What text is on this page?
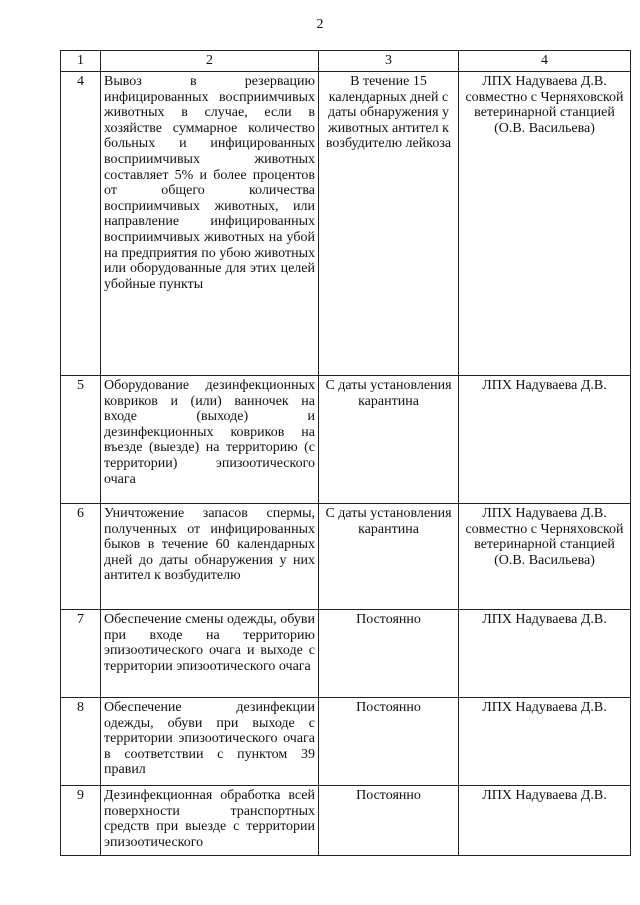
2
1	2	3	4
4	Вывоз в резервацию инфицированных восприимчивых животных в случае, если в хозяйстве суммарное количество больных и инфицированных восприимчивых животных составляет 5% и более процентов от общего количества восприимчивых животных, или направление инфицированных восприимчивых животных на убой на предприятия по убою животных или оборудованные для этих целей убойные пункты	В течение 15 календарных дней с даты обнаружения у животных антител к возбудителю лейкоза	ЛПХ Надуваева Д.В. совместно с Черняховской ветеринарной станцией (О.В. Васильева)
5	Оборудование дезинфекционных ковриков и (или) ванночек на входе (выходе) и дезинфекционных ковриков на въезде (выезде) на территорию (с территории) эпизоотического очага	С даты установления карантина	ЛПХ Надуваева Д.В.
6	Уничтожение запасов спермы, полученных от инфицированных быков в течение 60 календарных дней до даты обнаружения у них антител к возбудителю	С даты установления карантина	ЛПХ Надуваева Д.В. совместно с Черняховской ветеринарной станцией (О.В. Васильева)
7	Обеспечение смены одежды, обуви при входе на территорию эпизоотического очага и выходе с территории эпизоотического очага	Постоянно	ЛПХ Надуваева Д.В.
8	Обеспечение дезинфекции одежды, обуви при выходе с территории эпизоотического очага в соответствии с пунктом 39 правил	Постоянно	ЛПХ Надуваева Д.В.
9	Дезинфекционная обработка всей поверхности транспортных средств при выезде с территории эпизоотического	Постоянно	ЛПХ Надуваева Д.В.
